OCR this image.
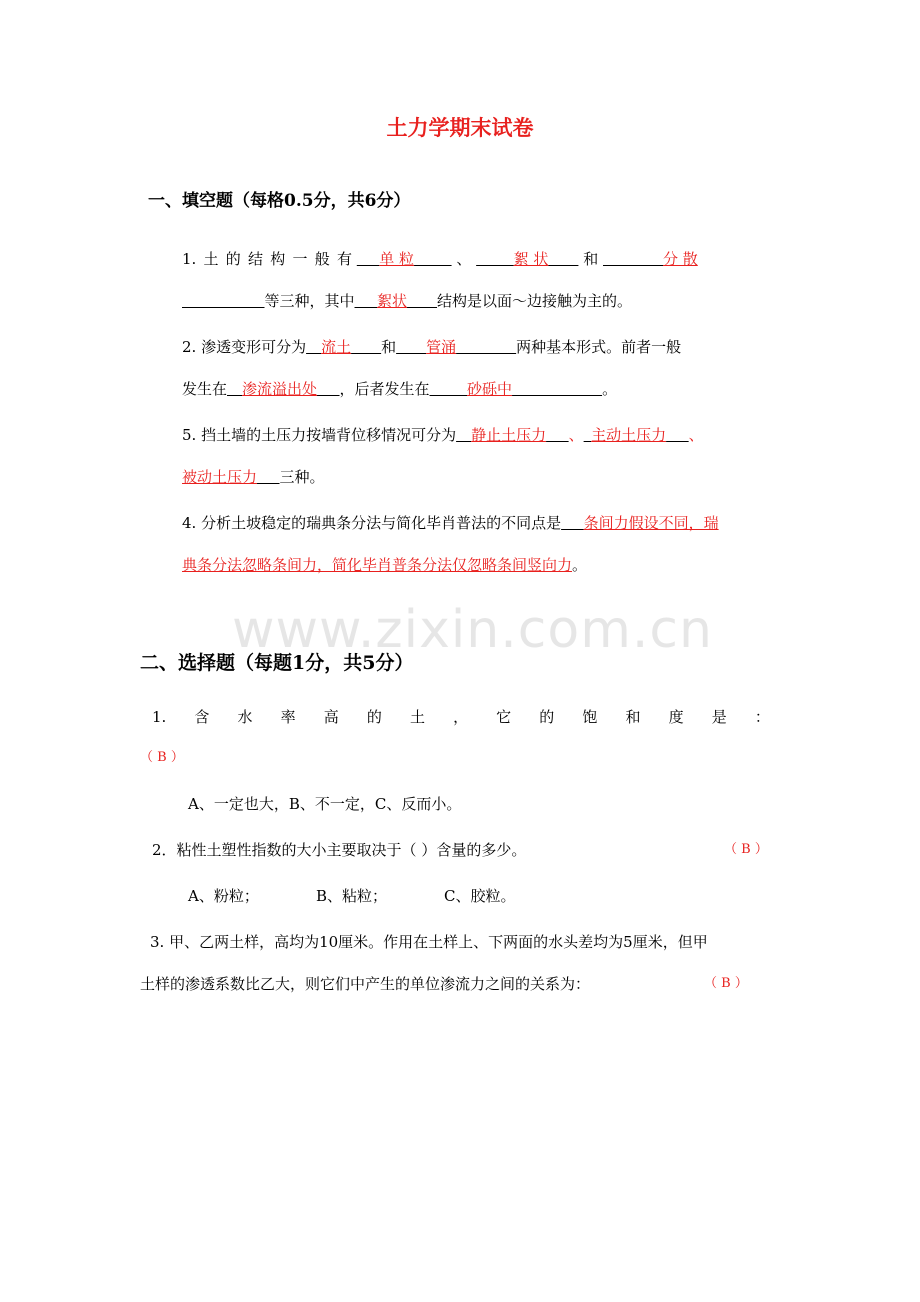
土力学期末试卷
一、填空题（每格0.5分，共6分）
1. 土 的 结 构 一 般 有
   单 粒   	、    	絮 状   和     	分 散
      等三种，其中   絮状   结构是以面～边接触为主的。
2. 渗透变形可分为  流土   和   管涌    	两种基本形式。前者一般
发生在  渗流溢出处   ，后者发生在   	砂砾中      	。
5. 挡土墙的土压力按墙背位移情况可分为  静止土压力   、  主动土压力   、
被动土压力   三种。
4. 分析土坡稳定的瑞典条分法与简化毕肖普法的不同点是   条间力假设不同，瑞
典条分法忽略条间力，简化毕肖普条分法仅忽略条间竖向力。
www.zixin.com.cn
二、选择题（每题1分，共5分）
1. 含 水 率 高 的 土 ， 它 的 饱 和 度 是 ：
（ B ）
A、一定也大，B、不一定，C、反而小。
2．粘性土塑性指数的大小主要取决于（ ）含量的多少。	（ B ）
A、粉粒；	B、粘粒；	C、胶粒。
3. 甲、乙两土样，高均为10厘米。作用在土样上、下两面的水头差均为5厘米，但甲
土样的渗透系数比乙大，则它们中产生的单位渗流力之间的关系为：	（ B ）
